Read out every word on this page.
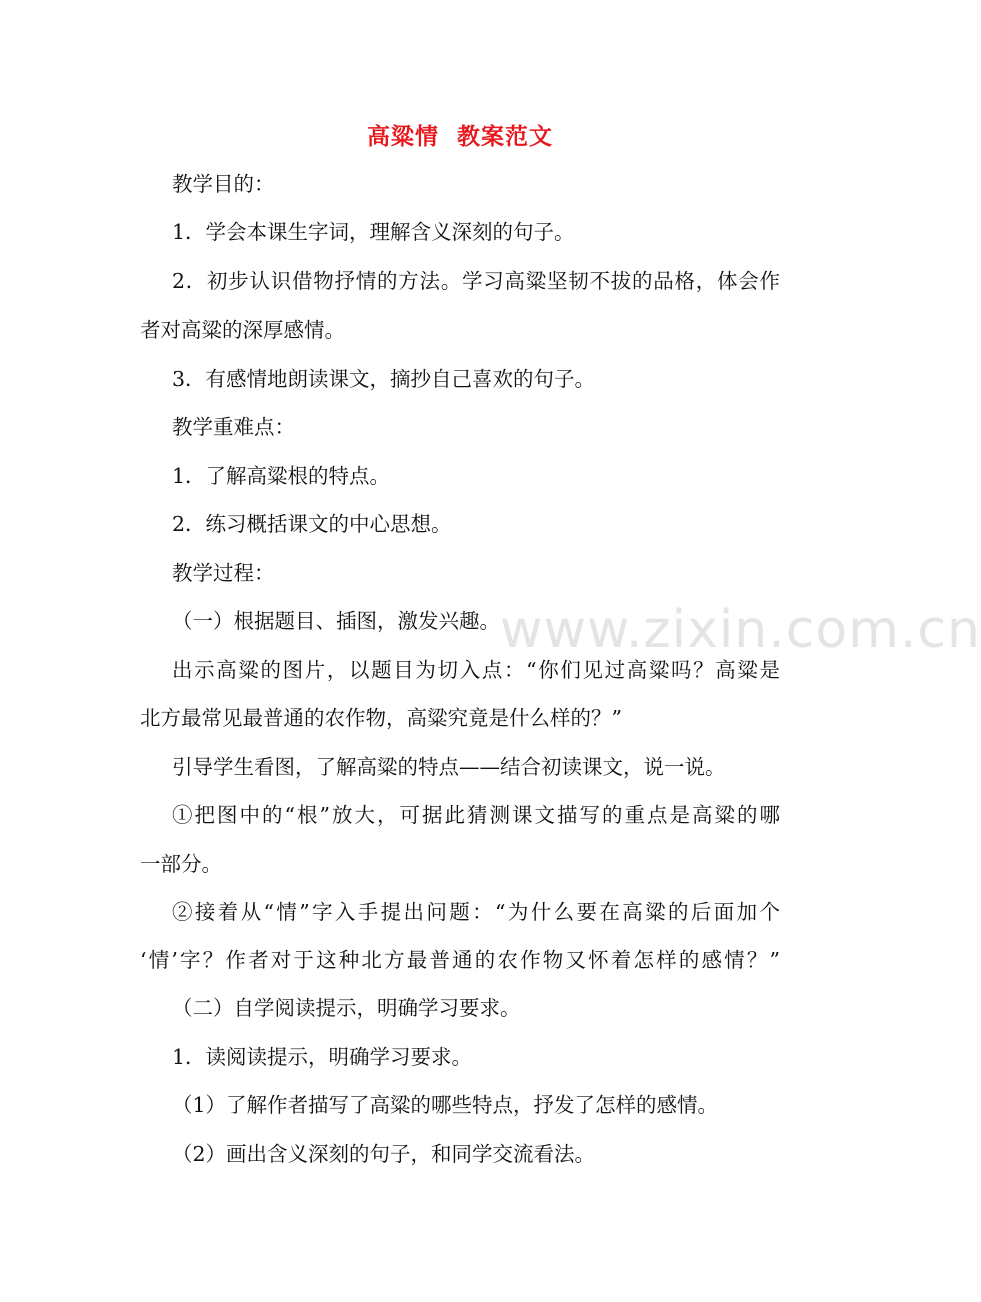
www.zixin.com.cn
高粱情  教案范文
教学目的：
1．学会本课生字词，理解含义深刻的句子。
2．初步认识借物抒情的方法。学习高粱坚韧不拔的品格，体会作
者对高粱的深厚感情。
3．有感情地朗读课文，摘抄自己喜欢的句子。
教学重难点：
1．了解高粱根的特点。
2．练习概括课文的中心思想。
教学过程：
（一）根据题目、插图，激发兴趣。
出示高粱的图片，以题目为切入点：“你们见过高粱吗？高粱是
北方最常见最普通的农作物，高粱究竟是什么样的？”
引导学生看图，了解高粱的特点——结合初读课文，说一说。
①把图中的“根”放大，可据此猜测课文描写的重点是高粱的哪
一部分。
②接着从“情”字入手提出问题：“为什么要在高粱的后面加个
‘情’字？作者对于这种北方最普通的农作物又怀着怎样的感情？”
（二）自学阅读提示，明确学习要求。
1．读阅读提示，明确学习要求。
（1）了解作者描写了高粱的哪些特点，抒发了怎样的感情。
（2）画出含义深刻的句子，和同学交流看法。
